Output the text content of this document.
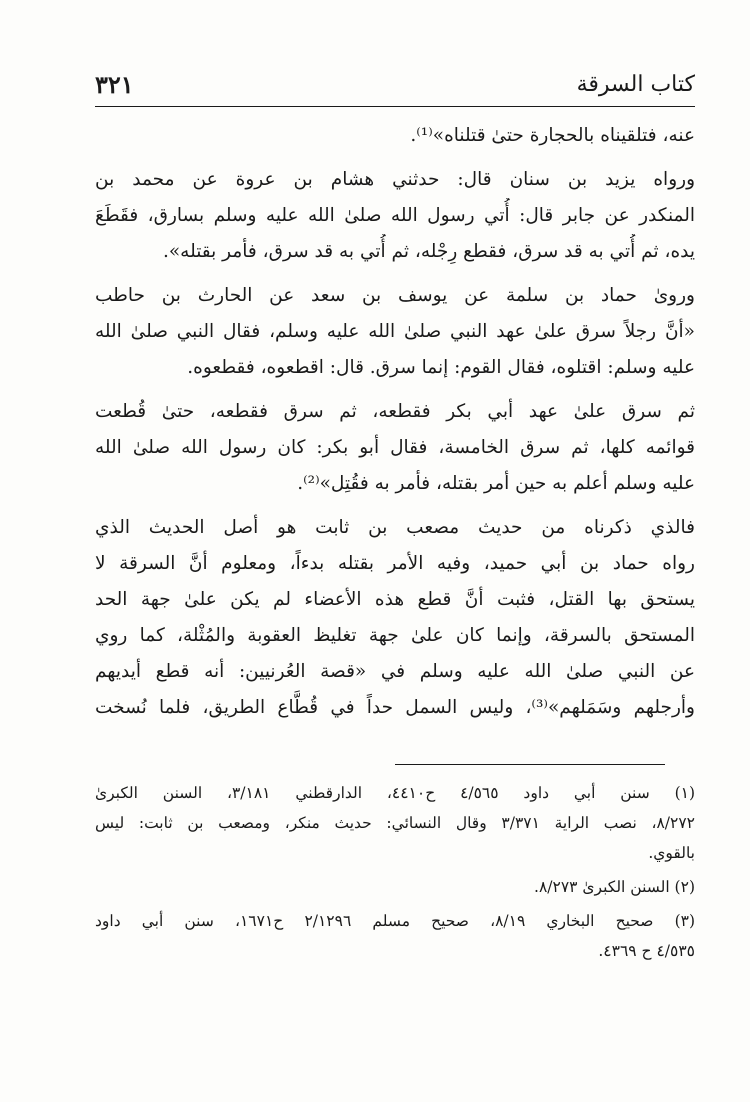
كتاب السرقة
٣٢١
عنه، فتلقيناه بالحجارة حتىٰ قتلناه»⁽¹⁾.
ورواه يزيد بن سنان قال: حدثني هشام بن عروة عن محمد بن
المنكدر عن جابر قال: أُتي رسول الله صلىٰ الله عليه وسلم بسارق، فقَطَعَ
يده، ثم أُتي به قد سرق، فقطع رِجْله، ثم أُتي به قد سرق، فأمر بقتله».
وروىٰ حماد بن سلمة عن يوسف بن سعد عن الحارث بن حاطب
«أنَّ رجلاً سرق علىٰ عهد النبي صلىٰ الله عليه وسلم، فقال النبي صلىٰ الله
عليه وسلم: اقتلوه، فقال القوم: إنما سرق. قال: اقطعوه، فقطعوه.
ثم سرق علىٰ عهد أبي بكر فقطعه، ثم سرق فقطعه، حتىٰ قُطعت
قوائمه كلها، ثم سرق الخامسة، فقال أبو بكر: كان رسول الله صلىٰ الله
عليه وسلم أعلم به حين أمر بقتله، فأمر به فقُتِل»⁽²⁾.
فالذي ذكرناه من حديث مصعب بن ثابت هو أصل الحديث الذي
رواه حماد بن أبي حميد، وفيه الأمر بقتله بدءاً، ومعلوم أنَّ السرقة لا
يستحق بها القتل، فثبت أنَّ قطع هذه الأعضاء لم يكن علىٰ جهة الحد
المستحق بالسرقة، وإنما كان علىٰ جهة تغليظ العقوبة والمُثْلة، كما روي
عن النبي صلىٰ الله عليه وسلم في «قصة العُرنيين: أنه قطع أيديهم
وأرجلهم وسَمَلهم»⁽³⁾، وليس السمل حداً في قُطَّاع الطريق، فلما نُسخت
(١) سنن أبي داود ٤/٥٦٥ ح٤٤١٠، الدارقطني ٣/١٨١، السنن الكبرىٰ
٨/٢٧٢، نصب الراية ٣/٣٧١ وقال النسائي: حديث منكر، ومصعب بن ثابت: ليس
بالقوي.
(٢) السنن الكبرىٰ ٨/٢٧٣.
(٣) صحيح البخاري ٨/١٩، صحيح مسلم ٢/١٢٩٦ ح١٦٧١، سنن أبي داود
٤/٥٣٥ ح ٤٣٦٩.
